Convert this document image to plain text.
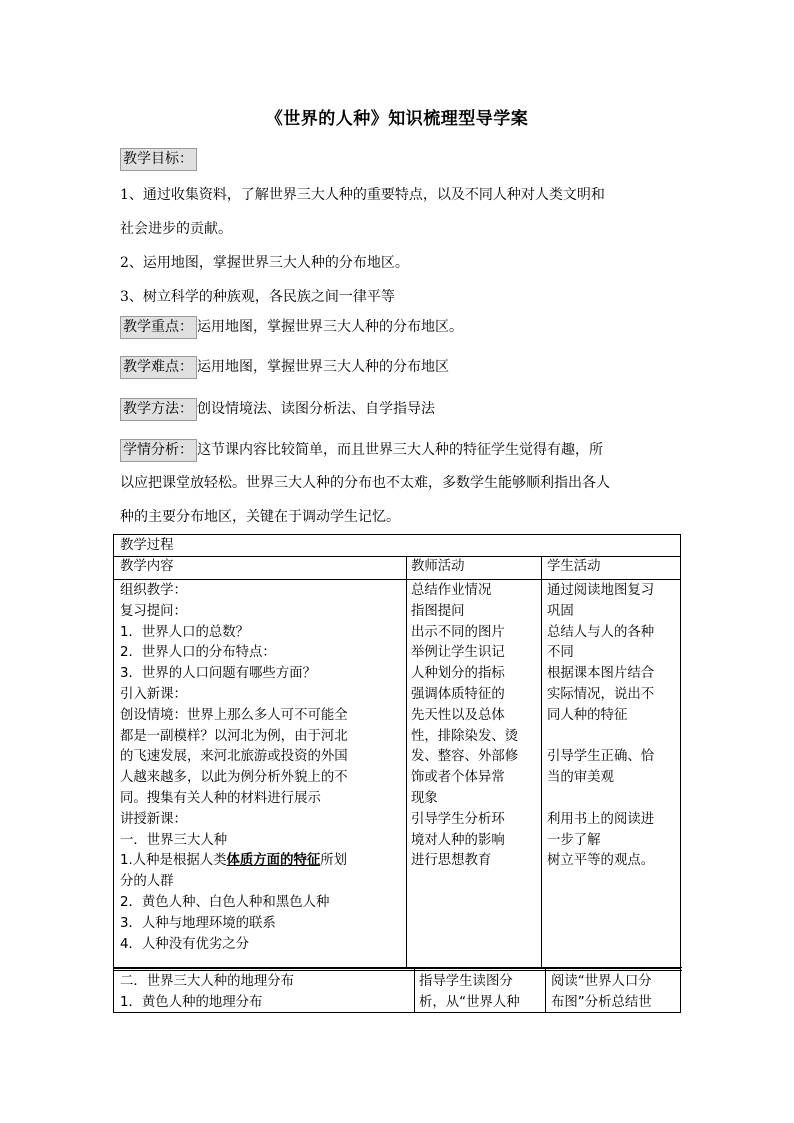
《世界的人种》知识梳理型导学案
教学目标：
1、通过收集资料，了解世界三大人种的重要特点，以及不同人种对人类文明和
社会进步的贡献。
2、运用地图，掌握世界三大人种的分布地区。
3、树立科学的种族观，各民族之间一律平等
教学重点： 运用地图，掌握世界三大人种的分布地区。
教学难点： 运用地图，掌握世界三大人种的分布地区
教学方法： 创设情境法、读图分析法、自学指导法
学情分析： 这节课内容比较简单，而且世界三大人种的特征学生觉得有趣，所
以应把课堂放轻松。世界三大人种的分布也不太难，多数学生能够顺利指出各人
种的主要分布地区，关键在于调动学生记忆。
教学过程
教学内容	教师活动	学生活动
组织教学：
复习提问：
1．世界人口的总数？
2．世界人口的分布特点：
3．世界的人口问题有哪些方面？
引入新课：
创设情境：世界上那么多人可不可能全
都是一副模样？以河北为例，由于河北
的飞速发展，来河北旅游或投资的外国
人越来越多，以此为例分析外貌上的不
同。搜集有关人种的材料进行展示
讲授新课：
一．世界三大人种
1.人种是根据人类体质方面的特征所划
分的人群
2．黄色人种、白色人种和黑色人种
3．人种与地理环境的联系
4．人种没有优劣之分
总结作业情况
指图提问
出示不同的图片
举例让学生识记
人种划分的指标
强调体质特征的
先天性以及总体
性，排除染发、烫
发、整容、外部修
饰或者个体异常
现象
引导学生分析环
境对人种的影响
进行思想教育
通过阅读地图复习
巩固
总结人与人的各种
不同
根据课本图片结合
实际情况，说出不
同人种的特征
引导学生正确、恰
当的审美观
利用书上的阅读进
一步了解
树立平等的观点。
二．世界三大人种的地理分布
1．黄色人种的地理分布
指导学生读图分
析，从“世界人种
阅读“世界人口分
布图”分析总结世
